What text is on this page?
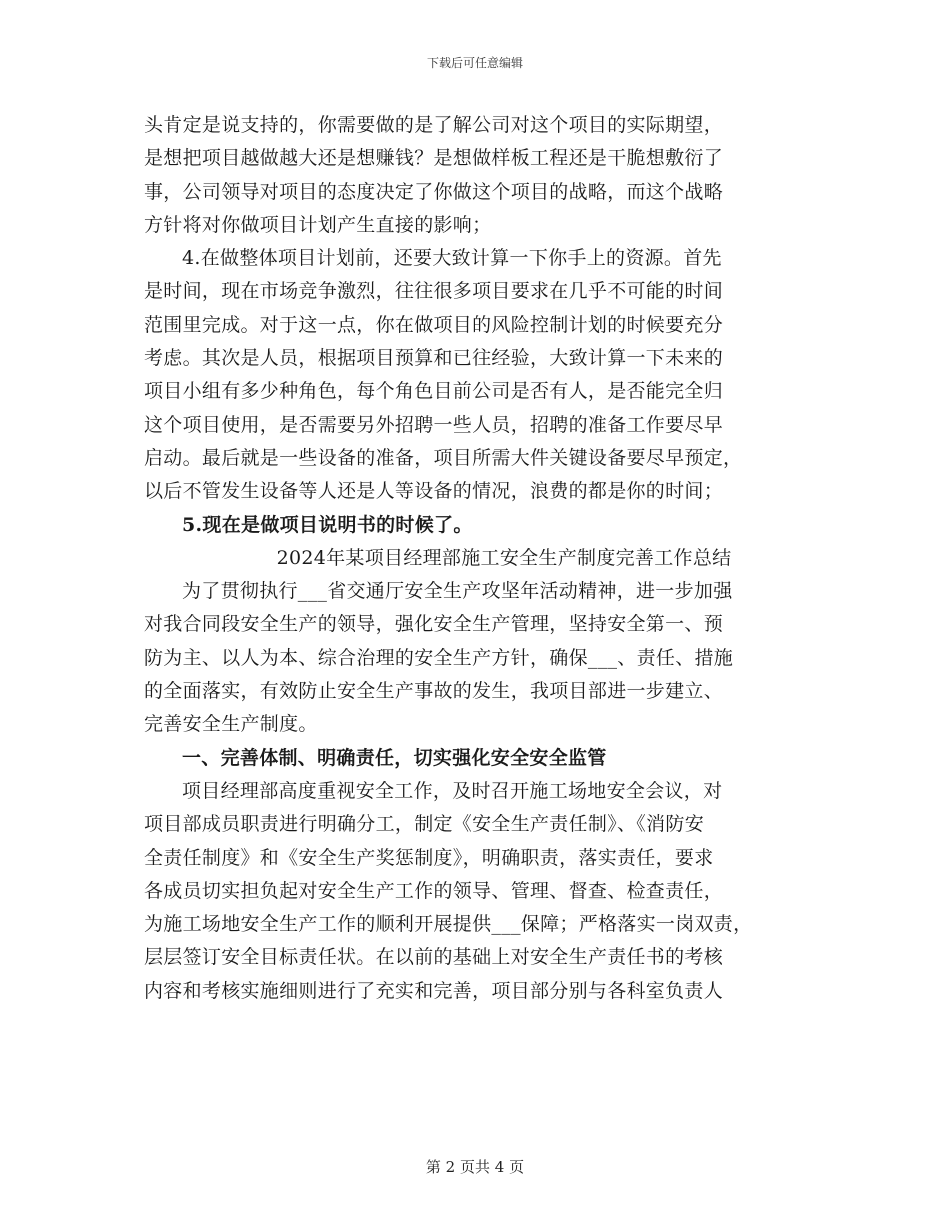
下载后可任意编辑
头肯定是说支持的，你需要做的是了解公司对这个项目的实际期望，
是想把项目越做越大还是想赚钱？是想做样板工程还是干脆想敷衍了
事，公司领导对项目的态度决定了你做这个项目的战略，而这个战略
方针将对你做项目计划产生直接的影响；
4.在做整体项目计划前，还要大致计算一下你手上的资源。首先
是时间，现在市场竞争激烈，往往很多项目要求在几乎不可能的时间
范围里完成。对于这一点，你在做项目的风险控制计划的时候要充分
考虑。其次是人员，根据项目预算和已往经验，大致计算一下未来的
项目小组有多少种角色，每个角色目前公司是否有人，是否能完全归
这个项目使用，是否需要另外招聘一些人员，招聘的准备工作要尽早
启动。最后就是一些设备的准备，项目所需大件关键设备要尽早预定，
以后不管发生设备等人还是人等设备的情况，浪费的都是你的时间；
5.现在是做项目说明书的时候了。
2024年某项目经理部施工安全生产制度完善工作总结
为了贯彻执行___省交通厅安全生产攻坚年活动精神，进一步加强
对我合同段安全生产的领导，强化安全生产管理，坚持安全第一、预
防为主、以人为本、综合治理的安全生产方针，确保___、责任、措施
的全面落实，有效防止安全生产事故的发生，我项目部进一步建立、
完善安全生产制度。
一、完善体制、明确责任，切实强化安全安全监管
项目经理部高度重视安全工作，及时召开施工场地安全会议，对
项目部成员职责进行明确分工，制定《安全生产责任制》、《消防安
全责任制度》和《安全生产奖惩制度》，明确职责，落实责任，要求
各成员切实担负起对安全生产工作的领导、管理、督查、检查责任，
为施工场地安全生产工作的顺利开展提供___保障；严格落实一岗双责，
层层签订安全目标责任状。在以前的基础上对安全生产责任书的考核
内容和考核实施细则进行了充实和完善，项目部分别与各科室负责人
第 2 页共 4 页
